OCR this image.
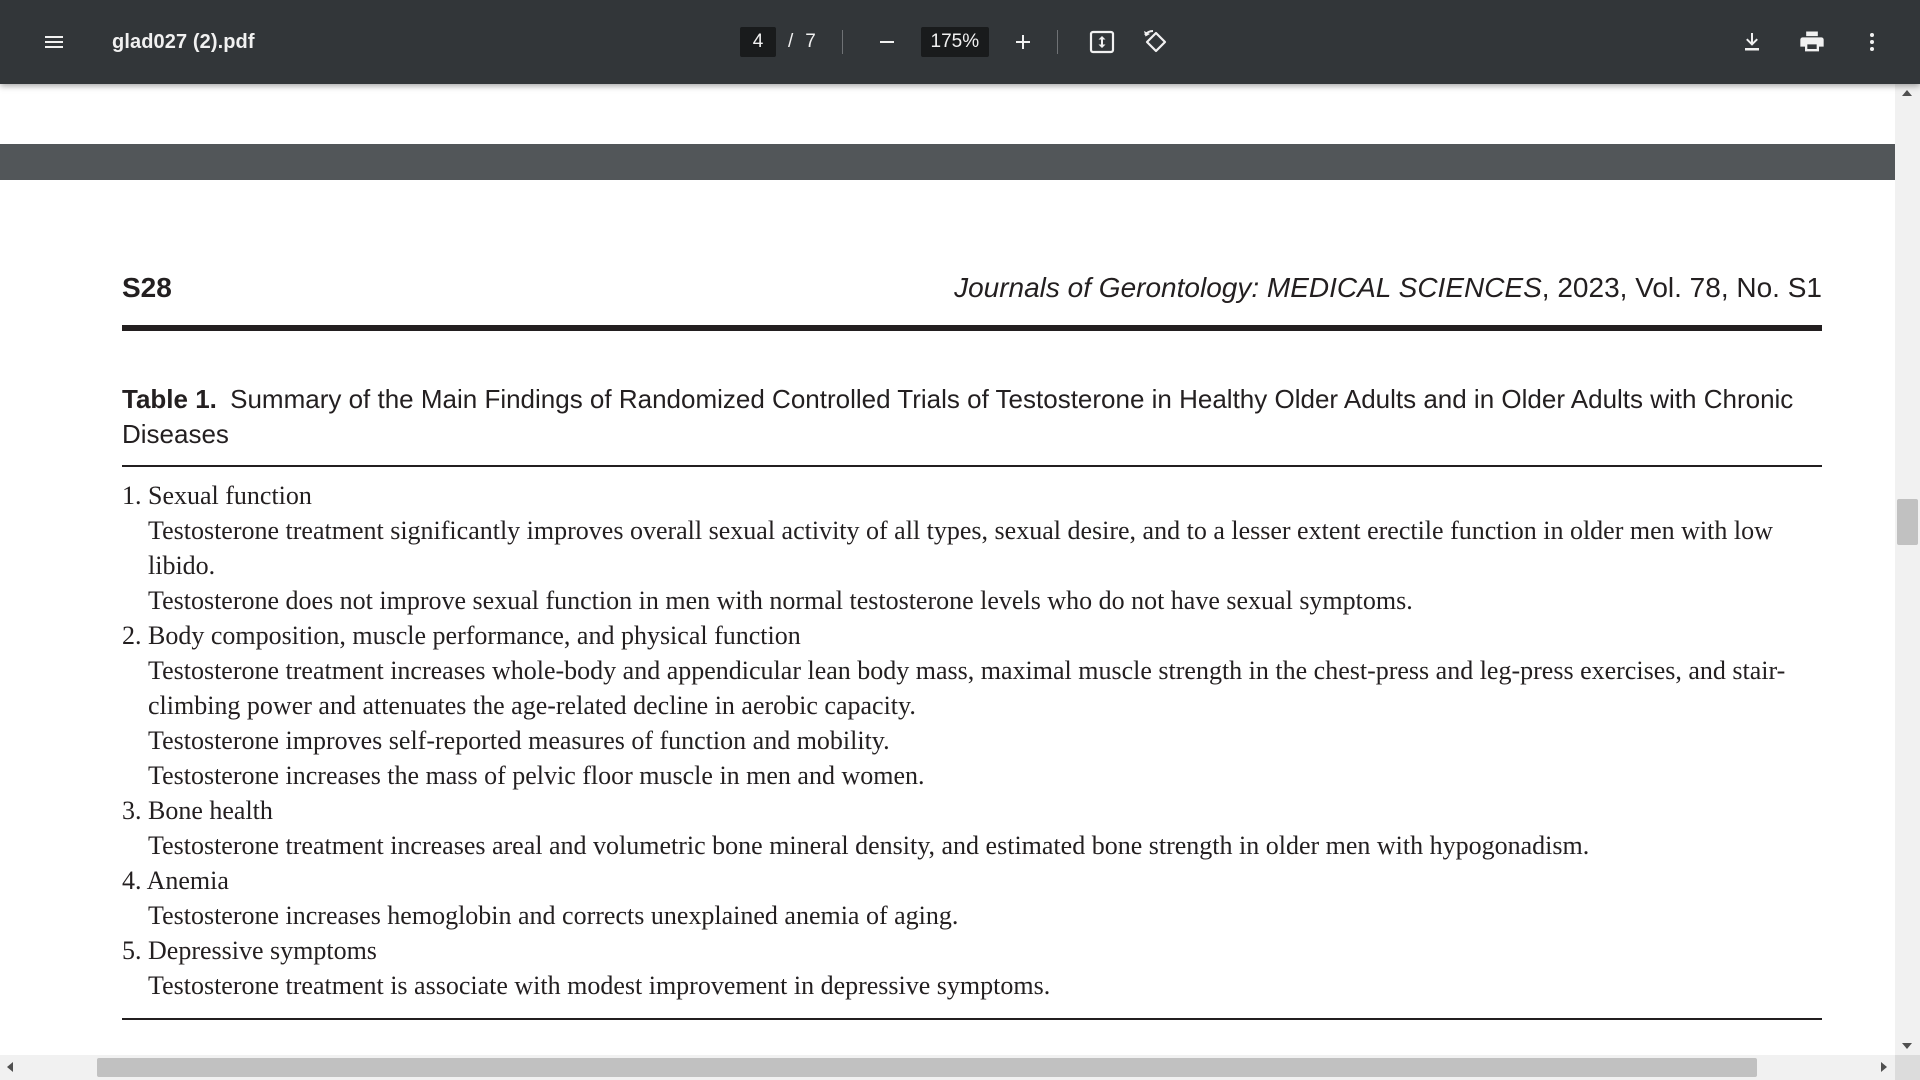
glad027 (2).pdf	4	/ 7	175%
S28	Journals of Gerontology: MEDICAL SCIENCES, 2023, Vol. 78, No. S1
Table 1. Summary of the Main Findings of Randomized Controlled Trials of Testosterone in Healthy Older Adults and in Older Adults with Chronic Diseases
1. Sexual function
Testosterone treatment significantly improves overall sexual activity of all types, sexual desire, and to a lesser extent erectile function in older men with low libido.
Testosterone does not improve sexual function in men with normal testosterone levels who do not have sexual symptoms.
2. Body composition, muscle performance, and physical function
Testosterone treatment increases whole-body and appendicular lean body mass, maximal muscle strength in the chest-press and leg-press exercises, and stair-climbing power and attenuates the age-related decline in aerobic capacity.
Testosterone improves self-reported measures of function and mobility.
Testosterone increases the mass of pelvic floor muscle in men and women.
3. Bone health
Testosterone treatment increases areal and volumetric bone mineral density, and estimated bone strength in older men with hypogonadism.
4. Anemia
Testosterone increases hemoglobin and corrects unexplained anemia of aging.
5. Depressive symptoms
Testosterone treatment is associate with modest improvement in depressive symptoms.
